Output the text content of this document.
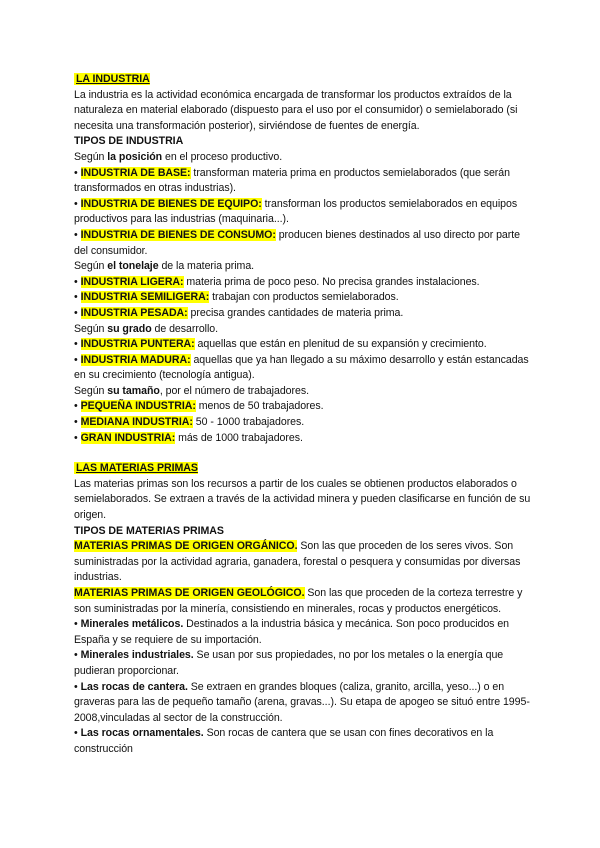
LA INDUSTRIA

La industria es la actividad económica encargada de transformar los productos extraídos de la naturaleza en material elaborado (dispuesto para el uso por el consumidor) o semielaborado (si necesita una transformación posterior), sirviéndose de fuentes de energía.

TIPOS DE INDUSTRIA

Según la posición en el proceso productivo.

• INDUSTRIA DE BASE: transforman materia prima en productos semielaborados (que serán transformados en otras industrias).

• INDUSTRIA DE BIENES DE EQUIPO: transforman los productos semielaborados en equipos productivos para las industrias (maquinaria...).

• INDUSTRIA DE BIENES DE CONSUMO: producen bienes destinados al uso directo por parte del consumidor.

Según el tonelaje de la materia prima.

• INDUSTRIA LIGERA: materia prima de poco peso. No precisa grandes instalaciones.

• INDUSTRIA SEMILIGERA: trabajan con productos semielaborados.

• INDUSTRIA PESADA: precisa grandes cantidades de materia prima.

Según su grado de desarrollo.

• INDUSTRIA PUNTERA: aquellas que están en plenitud de su expansión y crecimiento.

• INDUSTRIA MADURA: aquellas que ya han llegado a su máximo desarrollo y están estancadas en su crecimiento (tecnología antigua).

Según su tamaño, por el número de trabajadores.

• PEQUEÑA INDUSTRIA: menos de 50 trabajadores.

• MEDIANA INDUSTRIA: 50 - 1000 trabajadores.

• GRAN INDUSTRIA: más de 1000 trabajadores.

LAS MATERIAS PRIMAS

Las materias primas son los recursos a partir de los cuales se obtienen productos elaborados o semielaborados. Se extraen a través de la actividad minera y pueden clasificarse en función de su origen.

TIPOS DE MATERIAS PRIMAS

MATERIAS PRIMAS DE ORIGEN ORGÁNICO. Son las que proceden de los seres vivos. Son suministradas por la actividad agraria, ganadera, forestal o pesquera y consumidas por diversas industrias.

MATERIAS PRIMAS DE ORIGEN GEOLÓGICO. Son las que proceden de la corteza terrestre y son suministradas por la minería, consistiendo en minerales, rocas y productos energéticos.

• Minerales metálicos. Destinados a la industria básica y mecánica. Son poco producidos en España y se requiere de su importación.

• Minerales industriales. Se usan por sus propiedades, no por los metales o la energía que pudieran proporcionar.

• Las rocas de cantera. Se extraen en grandes bloques (caliza, granito, arcilla, yeso...) o en graveras para las de pequeño tamaño (arena, gravas...). Su etapa de apogeo se situó entre 1995-2008,vinculadas al sector de la construcción.

• Las rocas ornamentales. Son rocas de cantera que se usan con fines decorativos en la construcción
